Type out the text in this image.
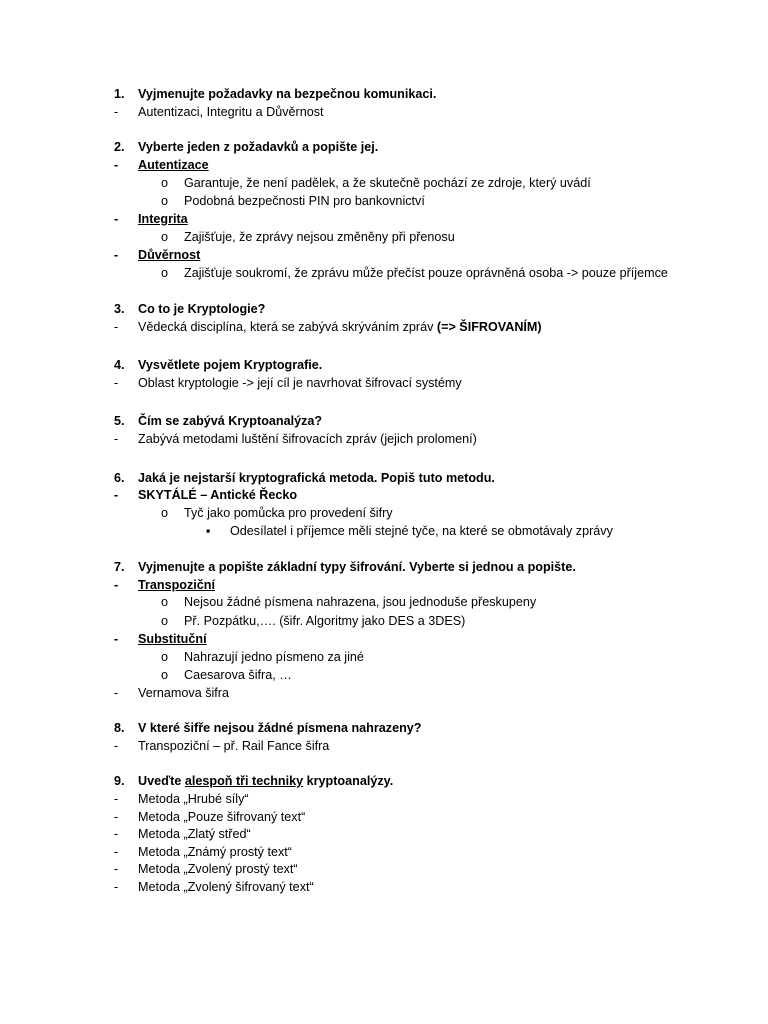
1. Vyjmenujte požadavky na bezpečnou komunikaci.
- Autentizaci, Integritu a Důvěrnost
2. Vyberte jeden z požadavků a popište jej.
- Autentizace
o Garantuje, že není padělek, a že skutečně pochází ze zdroje, který uvádí
o Podobná bezpečnosti PIN pro bankovnictví
- Integrita
o Zajišťuje, že zprávy nejsou změněny při přenosu
- Důvěrnost
o Zajišťuje soukromí, že zprávu může přečíst pouze oprávněná osoba -> pouze příjemce
3. Co to je Kryptologie?
- Vědecká disciplína, která se zabývá skrýváním zpráv (=> ŠIFROVANÍM)
4. Vysvětlete pojem Kryptografie.
- Oblast kryptologie -> její cíl je navrhovat šifrovací systémy
5. Čím se zabývá Kryptoanalýza?
- Zabývá metodami luštění šifrovacích zpráv (jejich prolomení)
6. Jaká je nejstarší kryptografická metoda. Popiš tuto metodu.
- SKYTÁLÉ – Antické Řecko
o Tyč jako pomůcka pro provedení šifry
▪ Odesílatel i příjemce měli stejné tyče, na které se obmotávaly zprávy
7. Vyjmenujte a popište základní typy šifrování. Vyberte si jednou a popište.
- Transpoziční
o Nejsou žádné písmena nahrazena, jsou jednoduše přeskupeny
o Př. Pozpátku,…. (šifr. Algoritmy jako DES a 3DES)
- Substituční
o Nahrazují jedno písmeno za jiné
o Caesarova šifra, …
- Vernamova šifra
8. V které šifře nejsou žádné písmena nahrazeny?
- Transpoziční – př. Rail Fance šifra
9. Uveďte alespoň tři techniky kryptoanalýzy.
- Metoda „Hrubé síly“
- Metoda „Pouze šifrovaný text“
- Metoda „Zlatý střed“
- Metoda „Známý prostý text“
- Metoda „Zvolený prostý text“
- Metoda „Zvolený šifrovaný text“
